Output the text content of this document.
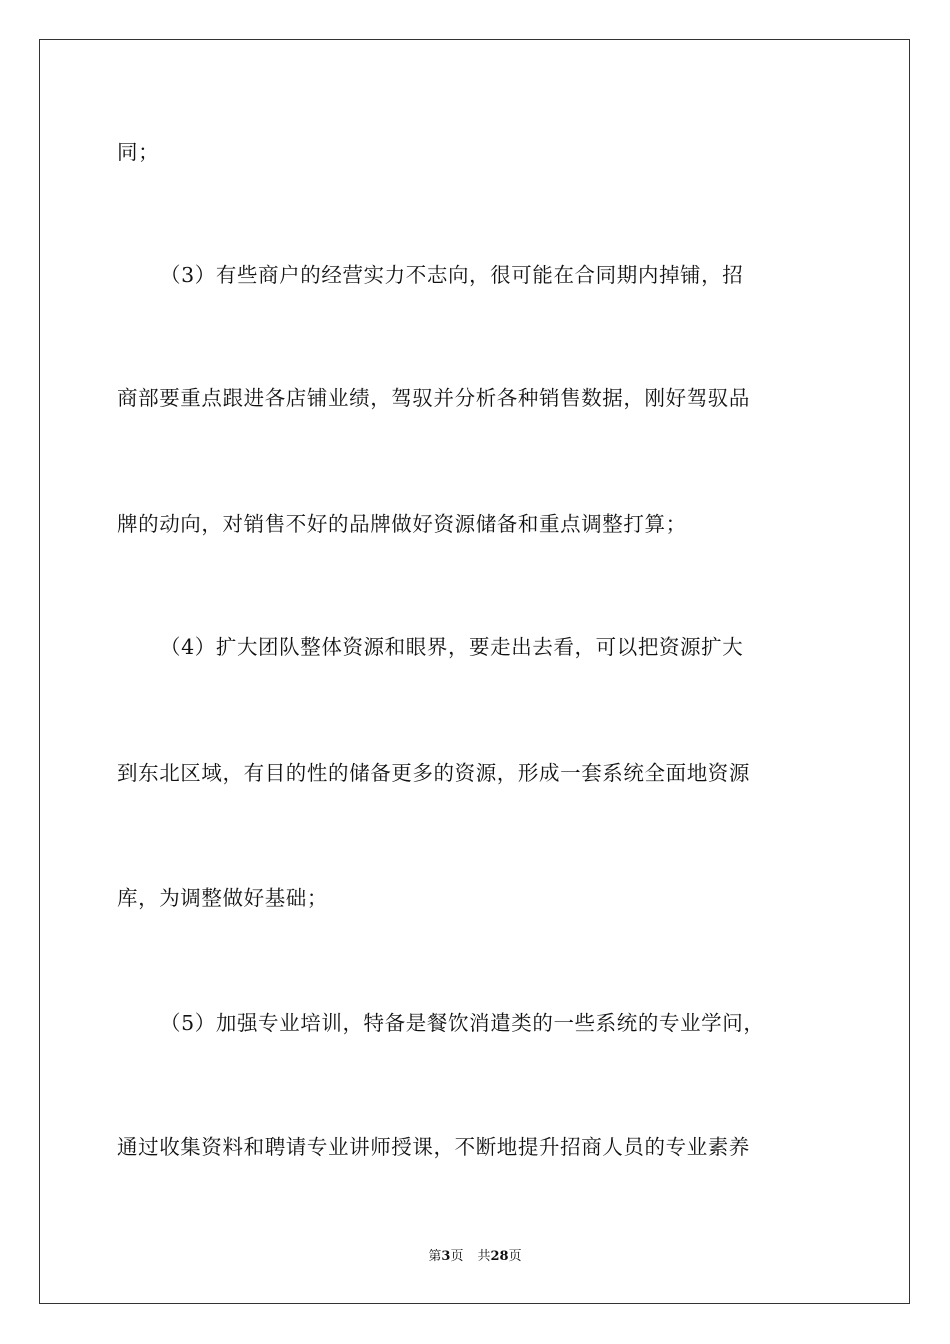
同；
（3）有些商户的经营实力不志向，很可能在合同期内掉铺，招
商部要重点跟进各店铺业绩，驾驭并分析各种销售数据，刚好驾驭品
牌的动向，对销售不好的品牌做好资源储备和重点调整打算；
（4）扩大团队整体资源和眼界，要走出去看，可以把资源扩大
到东北区域，有目的性的储备更多的资源，形成一套系统全面地资源
库，为调整做好基础；
（5）加强专业培训，特备是餐饮消遣类的一些系统的专业学问，
通过收集资料和聘请专业讲师授课，不断地提升招商人员的专业素养
第3页 共28页
